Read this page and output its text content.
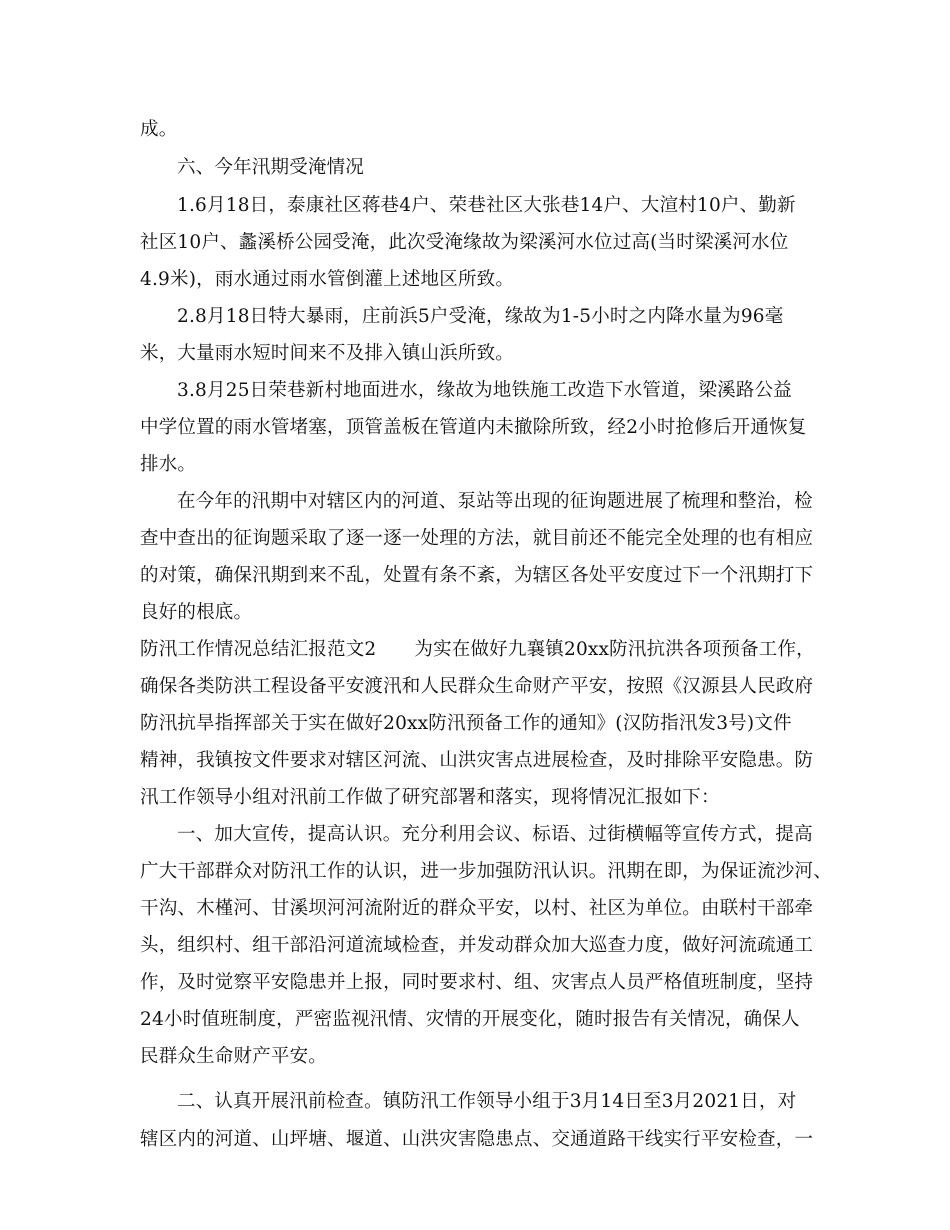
成。
六、今年汛期受淹情况
1.6月18日，泰康社区蒋巷4户、荣巷社区大张巷14户、大渲村10户、勤新
社区10户、蠡溪桥公园受淹，此次受淹缘故为梁溪河水位过高(当时梁溪河水位
4.9米)，雨水通过雨水管倒灌上述地区所致。
2.8月18日特大暴雨，庄前浜5户受淹，缘故为1-5小时之内降水量为96毫
米，大量雨水短时间来不及排入镇山浜所致。
3.8月25日荣巷新村地面进水，缘故为地铁施工改造下水管道，梁溪路公益
中学位置的雨水管堵塞，顶管盖板在管道内未撤除所致，经2小时抢修后开通恢复
排水。
在今年的汛期中对辖区内的河道、泵站等出现的征询题进展了梳理和整治，检
查中查出的征询题采取了逐一逐一处理的方法，就目前还不能完全处理的也有相应
的对策，确保汛期到来不乱，处置有条不紊，为辖区各处平安度过下一个汛期打下
良好的根底。
防汛工作情况总结汇报范文2 为实在做好九襄镇20xx防汛抗洪各项预备工作，
确保各类防洪工程设备平安渡汛和人民群众生命财产平安，按照《汉源县人民政府
防汛抗旱指挥部关于实在做好20xx防汛预备工作的通知》(汉防指汛发3号)文件
精神，我镇按文件要求对辖区河流、山洪灾害点进展检查，及时排除平安隐患。防
汛工作领导小组对汛前工作做了研究部署和落实，现将情况汇报如下：
一、加大宣传，提高认识。充分利用会议、标语、过街横幅等宣传方式，提高
广大干部群众对防汛工作的认识，进一步加强防汛认识。汛期在即，为保证流沙河、
干沟、木槿河、甘溪坝河河流附近的群众平安，以村、社区为单位。由联村干部牵
头，组织村、组干部沿河道流域检查，并发动群众加大巡查力度，做好河流疏通工
作，及时觉察平安隐患并上报，同时要求村、组、灾害点人员严格值班制度，坚持
24小时值班制度，严密监视汛情、灾情的开展变化，随时报告有关情况，确保人
民群众生命财产平安。
二、认真开展汛前检查。镇防汛工作领导小组于3月14日至3月2021日，对
辖区内的河道、山坪塘、堰道、山洪灾害隐患点、交通道路干线实行平安检查，一
